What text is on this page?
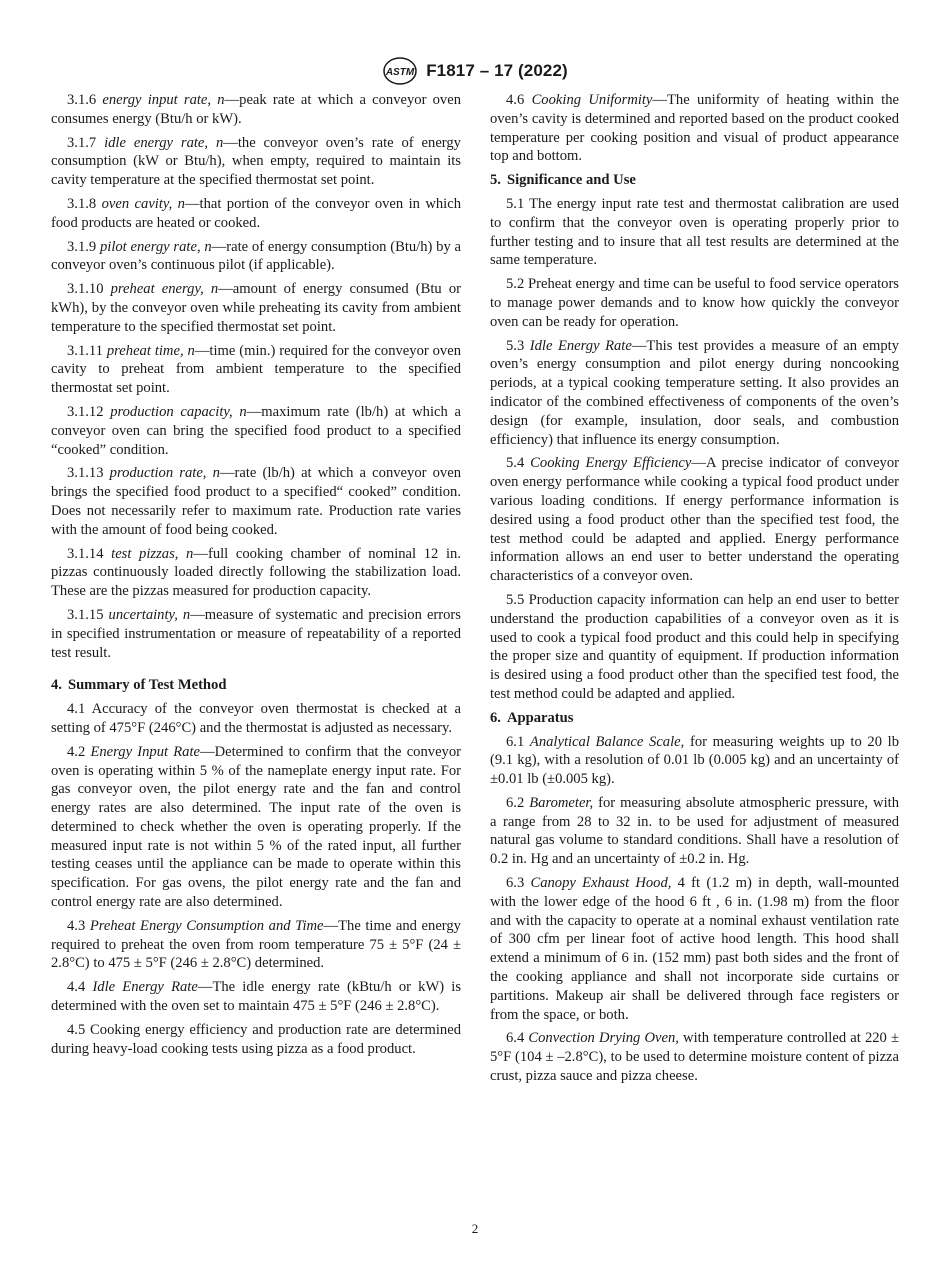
ASTM F1817 – 17 (2022)

3.1.6 energy input rate, n—peak rate at which a conveyor oven consumes energy (Btu/h or kW).

3.1.7 idle energy rate, n—the conveyor oven’s rate of energy consumption (kW or Btu/h), when empty, required to maintain its cavity temperature at the specified thermostat set point.

3.1.8 oven cavity, n—that portion of the conveyor oven in which food products are heated or cooked.

3.1.9 pilot energy rate, n—rate of energy consumption (Btu/h) by a conveyor oven’s continuous pilot (if applicable).

3.1.10 preheat energy, n—amount of energy consumed (Btu or kWh), by the conveyor oven while preheating its cavity from ambient temperature to the specified thermostat set point.

3.1.11 preheat time, n—time (min.) required for the conveyor oven cavity to preheat from ambient temperature to the specified thermostat set point.

3.1.12 production capacity, n—maximum rate (lb/h) at which a conveyor oven can bring the specified food product to a specified “cooked” condition.

3.1.13 production rate, n—rate (lb/h) at which a conveyor oven brings the specified food product to a specified“ cooked” condition. Does not necessarily refer to maximum rate. Production rate varies with the amount of food being cooked.

3.1.14 test pizzas, n—full cooking chamber of nominal 12 in. pizzas continuously loaded directly following the stabilization load. These are the pizzas measured for production capacity.

3.1.15 uncertainty, n—measure of systematic and precision errors in specified instrumentation or measure of repeatability of a reported test result.

4. Summary of Test Method

4.1 Accuracy of the conveyor oven thermostat is checked at a setting of 475°F (246°C) and the thermostat is adjusted as necessary.

4.2 Energy Input Rate—Determined to confirm that the conveyor oven is operating within 5 % of the nameplate energy input rate. For gas conveyor oven, the pilot energy rate and the fan and control energy rates are also determined. The input rate of the oven is determined to check whether the oven is operating properly. If the measured input rate is not within 5 % of the rated input, all further testing ceases until the appliance can be made to operate within this specification. For gas ovens, the pilot energy rate and the fan and control energy rate are also determined.

4.3 Preheat Energy Consumption and Time—The time and energy required to preheat the oven from room temperature 75 ± 5°F (24 ± 2.8°C) to 475 ± 5°F (246 ± 2.8°C) determined.

4.4 Idle Energy Rate—The idle energy rate (kBtu/h or kW) is determined with the oven set to maintain 475 ± 5°F (246 ± 2.8°C).

4.5 Cooking energy efficiency and production rate are determined during heavy-load cooking tests using pizza as a food product.

4.6 Cooking Uniformity—The uniformity of heating within the oven’s cavity is determined and reported based on the product cooked temperature per cooking position and visual of product appearance top and bottom.

5. Significance and Use

5.1 The energy input rate test and thermostat calibration are used to confirm that the conveyor oven is operating properly prior to further testing and to insure that all test results are determined at the same temperature.

5.2 Preheat energy and time can be useful to food service operators to manage power demands and to know how quickly the conveyor oven can be ready for operation.

5.3 Idle Energy Rate—This test provides a measure of an empty oven’s energy consumption and pilot energy during noncooking periods, at a typical cooking temperature setting. It also provides an indicator of the combined effectiveness of components of the oven’s design (for example, insulation, door seals, and combustion efficiency) that influence its energy consumption.

5.4 Cooking Energy Efficiency—A precise indicator of conveyor oven energy performance while cooking a typical food product under various loading conditions. If energy performance information is desired using a food product other than the specified test food, the test method could be adapted and applied. Energy performance information allows an end user to better understand the operating characteristics of a conveyor oven.

5.5 Production capacity information can help an end user to better understand the production capabilities of a conveyor oven as it is used to cook a typical food product and this could help in specifying the proper size and quantity of equipment. If production information is desired using a food product other than the specified test food, the test method could be adapted and applied.

6. Apparatus

6.1 Analytical Balance Scale, for measuring weights up to 20 lb (9.1 kg), with a resolution of 0.01 lb (0.005 kg) and an uncertainty of ±0.01 lb (±0.005 kg).

6.2 Barometer, for measuring absolute atmospheric pressure, with a range from 28 to 32 in. to be used for adjustment of measured natural gas volume to standard conditions. Shall have a resolution of 0.2 in. Hg and an uncertainty of ±0.2 in. Hg.

6.3 Canopy Exhaust Hood, 4 ft (1.2 m) in depth, wall-mounted with the lower edge of the hood 6 ft , 6 in. (1.98 m) from the floor and with the capacity to operate at a nominal exhaust ventilation rate of 300 cfm per linear foot of active hood length. This hood shall extend a minimum of 6 in. (152 mm) past both sides and the front of the cooking appliance and shall not incorporate side curtains or partitions. Makeup air shall be delivered through face registers or from the space, or both.

6.4 Convection Drying Oven, with temperature controlled at 220 ± 5°F (104 ± –2.8°C), to be used to determine moisture content of pizza crust, pizza sauce and pizza cheese.

2
